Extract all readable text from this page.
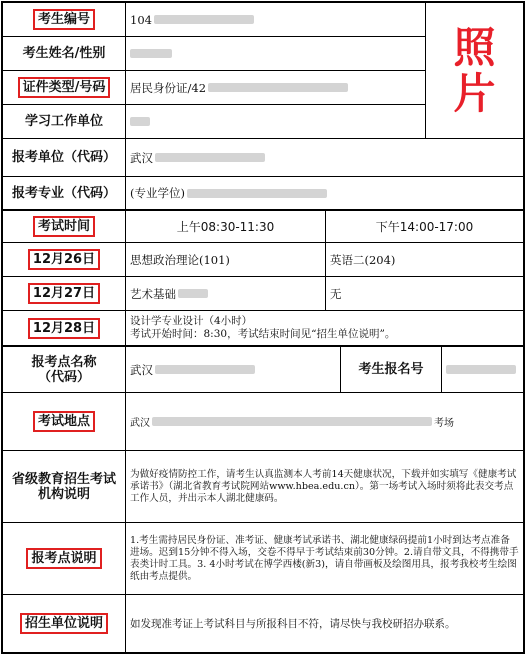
照片
考生编号	104
考生姓名/性别
证件类型/号码	居民身份证/42
学习工作单位
报考单位（代码） 武汉
报考专业（代码） (专业学位)
考试时间	上午08:30-11:30	下午14:00-17:00
12月26日	思想政治理论(101)	英语二(204)
12月27日	艺术基础	无
12月28日	设计学专业设计（4小时）
考试开始时间：8:30，考试结束时间见“招生单位说明”。
报考点名称（代码）	武汉	考生报名号
考试地点	武汉	考场
省级教育招生考试机构说明
为做好疫情防控工作，请考生认真监测本人考前14天健康状况，下载并如实填写《健康考试承诺书》（湖北省教育考试院网站www.hbea.edu.cn）。第一场考试入场时须将此表交考点工作人员，并出示本人湖北健康码。
报考点说明
1.考生需持居民身份证、准考证、健康考试承诺书、湖北健康绿码提前1小时到达考点准备进场。迟到15分钟不得入场，交卷不得早于考试结束前30分钟。2.请自带文具，不得携带手表类计时工具。3. 4小时考试在博学西楼(新3)，请自带画板及绘图用具，报考我校考生绘图纸由考点提供。
招生单位说明	如发现准考证上考试科目与所报科目不符，请尽快与我校研招办联系。
